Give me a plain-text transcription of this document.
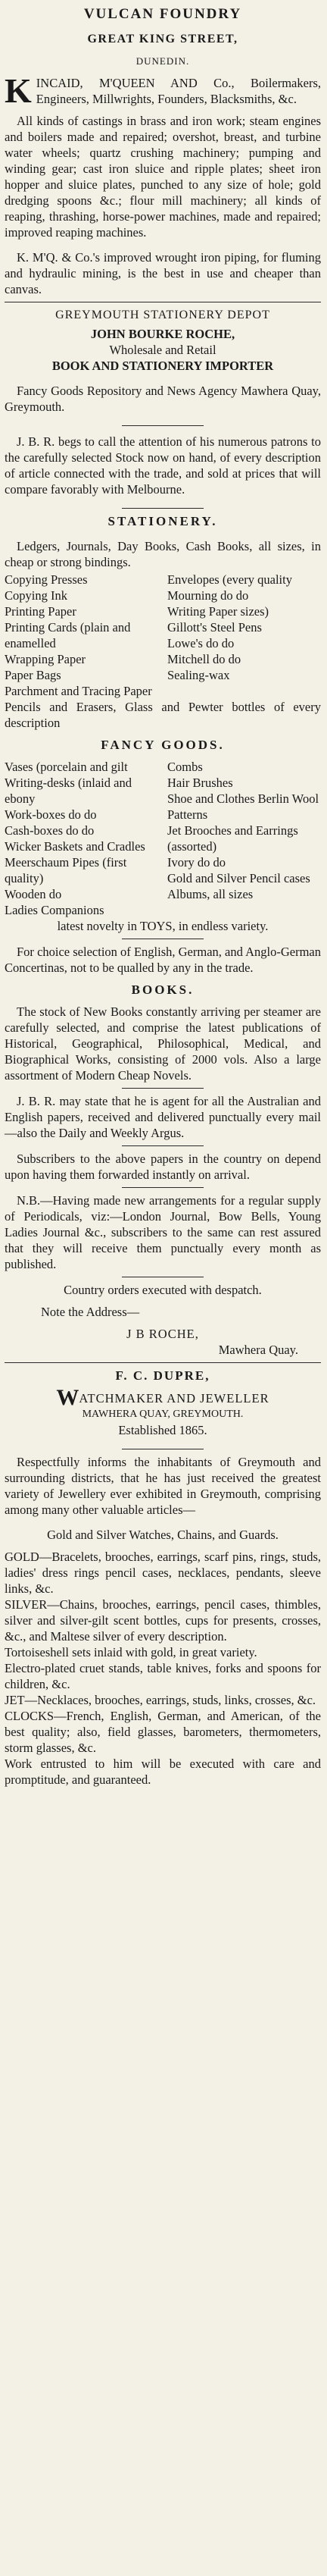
VULCAN FOUNDRY
GREAT KING STREET,
DUNEDIN.
K INCAID, M'QUEEN AND Co., Boilermakers, Engineers, Millwrights, Founders, Blacksmiths, &c.

All kinds of castings in brass and iron work; steam engines and boilers made and repaired; overshot, breast, and turbine water wheels; quartz crushing machinery; pumping and winding gear; cast iron sluice and ripple plates; sheet iron hopper and sluice plates, punched to any size of hole; gold dredging spoons &c.; flour mill machinery; all kinds of reaping, thrashing, horse-power machines, made and repaired; improved reaping machines.

K. M'Q. & Co.'s improved wrought iron piping, for fluming and hydraulic mining, is the best in use and cheaper than canvas.

GREYMOUTH STATIONERY DEPOT
JOHN BOURKE ROCHE,
Wholesale and Retail
BOOK AND STATIONERY IMPORTER

Fancy Goods Repository and News Agency Mawhera Quay, Greymouth.

J. B. R. begs to call the attention of his numerous patrons to the carefully selected Stock now on hand, of every description of article connected with the trade, and sold at prices that will compare favorably with Melbourne.

STATIONERY.

Ledgers, Journals, Day Books, Cash Books, all sizes, in cheap or strong bindings.

Copying Presses
Copying Ink
Printing Paper
Printing Cards (plain and enamelled
Wrapping Paper
Paper Bags
Parchment and Tracing Paper
Envelopes (every quality
Mourning do do
Writing Paper sizes)
Gillott's Steel Pens
Lowe's do do
Mitchell do do
Sealing-wax

Pencils and Erasers, Glass and Pewter bottles of every description

FANCY GOODS.
Vases (porcelain and gilt
Writing-desks (inlaid and ebony
Work-boxes do do
Cash-boxes do do
Wicker Baskets and Cradles
Meerschaum Pipes (first quality)
Wooden do
Ladies Companions
Combs
Hair Brushes
Shoe and Clothes Berlin Wool Patterns
Jet Brooches and Earrings (assorted)
Ivory do do
Gold and Silver Pencil cases
Albums, all sizes

latest novelty in TOYS, in endless variety.

For choice selection of English, German, and Anglo-German Concertinas, not to be qualled by any in the trade.

BOOKS.

The stock of New Books constantly arriving per steamer are carefully selected, and comprise the latest publications of Historical, Geographical, Philosophical, Medical, and Biographical Works, consisting of 2000 vols. Also a large assortment of Modern Cheap Novels.

J. B. R. may state that he is agent for all the Australian and English papers, received and delivered punctually every mail—also the Daily and Weekly Argus.

Subscribers to the above papers in the country on depend upon having them forwarded instantly on arrival.

N.B.—Having made new arrangements for a regular supply of Periodicals, viz:—London Journal, Bow Bells, Young Ladies Journal &c., subscribers to the same can rest assured that they will receive them punctually every month as published.

Country orders executed with despatch.

Note the Address—

J B ROCHE,

Mawhera Quay.

F. C. DUPRE,
WATCHMAKER AND JEWELLER
MAWHERA QUAY, GREYMOUTH.
Established 1865.

Respectfully informs the inhabitants of Greymouth and surrounding districts, that he has just received the greatest variety of Jewellery ever exhibited in Greymouth, comprising among many other valuable articles—

Gold and Silver Watches, Chains, and Guards.

GOLD—Bracelets, brooches, earrings, scarf pins, rings, studs, ladies' dress rings pencil cases, necklaces, pendants, sleeve links, &c.

SILVER—Chains, brooches, earrings, pencil cases, thimbles, silver and silver-gilt scent bottles, cups for presents, crosses, &c., and Maltese silver of every description.

Tortoiseshell sets inlaid with gold, in great variety.

Electro-plated cruet stands, table knives, forks and spoons for children, &c.

JET—Necklaces, brooches, earrings, studs, links, crosses, &c.

CLOCKS—French, English, German, and American, of the best quality; also, field glasses, barometers, thermometers, storm glasses, &c.

Work entrusted to him will be executed with care and promptitude, and guaranteed.
